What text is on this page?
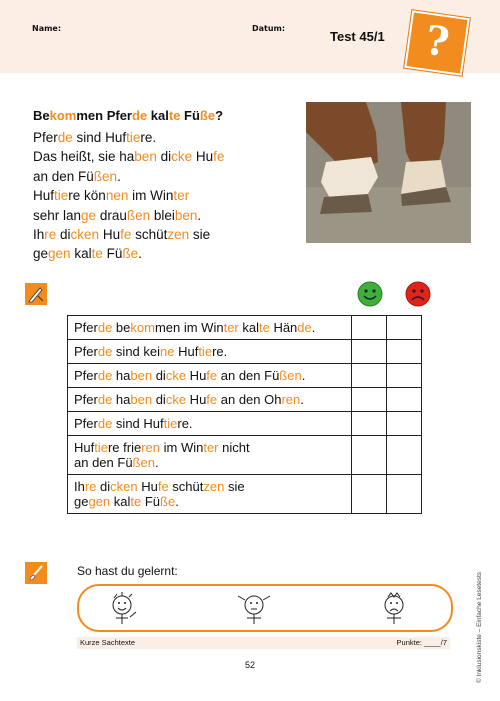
Name:	Datum:
Test 45/1 ?
Bekommen Pferde kalte Füße?
Pferde sind Huftiere.
Das heißt, sie haben dicke Hufe
an den Füßen.
Huftiere können im Winter
sehr lange draußen bleiben.
Ihre dicken Hufe schützen sie
gegen kalte Füße.
Pferde bekommen im Winter kalte Hände.		

Pferde sind keine Huftiere.		

Pferde haben dicke Hufe an den Füßen.		

Pferde haben dicke Hufe an den Ohren.		

Pferde sind Huftiere.		

Huftiere frieren im Winter nicht
an den Füßen.		

Ihre dicken Hufe schützen sie
gegen kalte Füße.		

So hast du gelernt:
Kurze Sachtexte	Punkte: ____/7
52	© Inklusionskiste – Einfache Lesetests
